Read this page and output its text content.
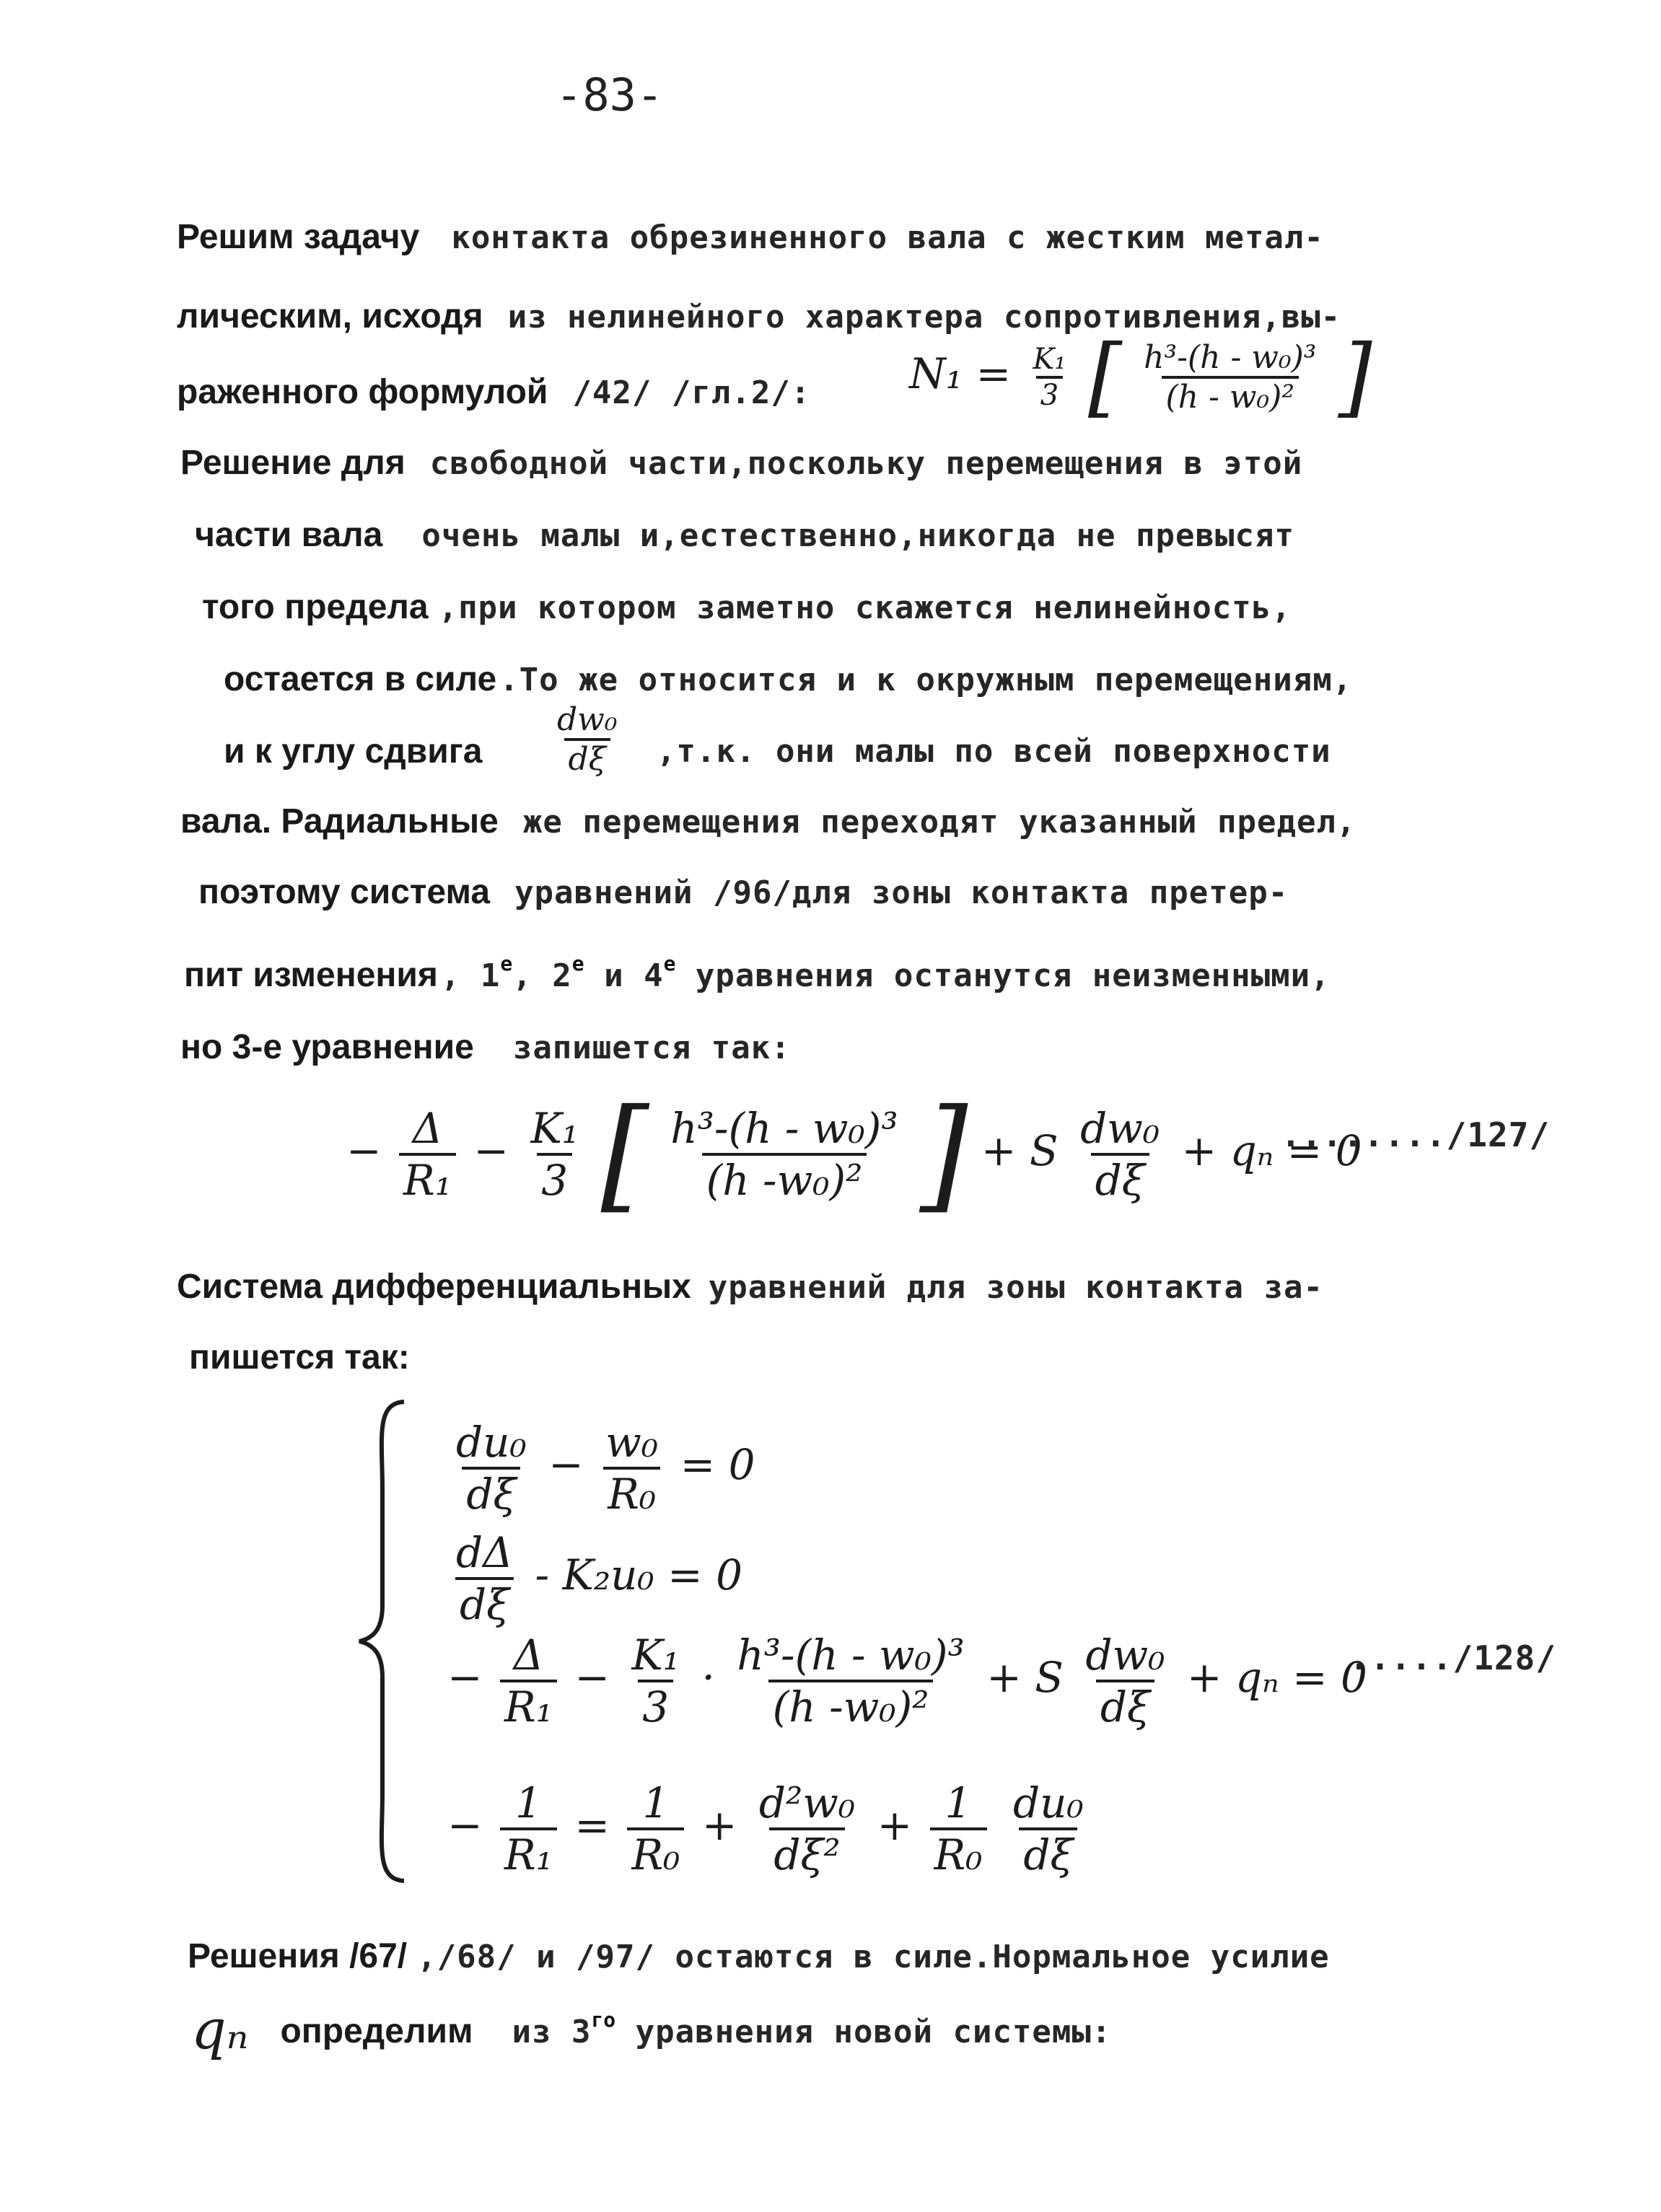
-83-
Решим задачу контакта обрезиненного вала с жестким метал-
лическим, исходя из нелинейного характера сопротивления,вы-
раженного формулой /42/ /гл.2/: $N_1 = \frac{\text{K₁}}{3}$ [ $\frac{\text{h³-(h - w₀)³}}{\text{(h - w₀)²}}$ ]
Решение для свободной части,поскольку перемещения в этой
части вала очень малы и,естественно,никогда не превысят
того предела ,при котором заметно скажется нелинейность,
остается в силе .То же относится и к окружным перемещениям,
и к углу сдвига $\frac{\text{dw₀}}{d\xi} ,т.к$. они малы по всей поверхности
вала. Радиальные же перемещения переходят указанный предел,
поэтому система уравнений /96/для зоны контакта претер-
пит изменения , $1^е$, $2^е$ и $4^е$ уравнения останутся неизменными,
но 3-е уравнение запишется так:
− $\frac{\Delta}{\text{R₁}} - \frac{\text{K₁}}{3}$ [ $\frac{\text{h³-(h - w₀)³}}{\text{(h -w₀)²}}$ ] + S $\frac{\text{dw₀}}{d\xi} + q_n = 0$
......../127/
Система дифференциальных уравнений для зоны контакта за-
пишется так:
$\frac{\text{du₀}}{d\xi} - \frac{\text{w₀}}{\text{R₀}} = 0$
$\frac{d\Delta}{d\xi} - K_2u_0 = 0$
− $\frac{\Delta}{\text{R₁}} - \frac{\text{K₁}}{3} \cdot \frac{\text{h³-(h - w₀)³}}{\text{(h -w₀)²}} + S \frac{\text{dw₀}}{d\xi} + q_n = 0$
...../128/
− $\frac{1}{\text{R₁}} = \frac{1}{\text{R₀}} + \frac{\text{d²w₀}}{\text{dξ²}} + \frac{1}{\text{R₀}}$
$\frac{\text{du₀}}{d\xi}$
Решения /67/ ,/68/ и /97/ остаются в силе.Нормальное усилие
qₙ определим из $3^{го}$ уравнения новой системы:
